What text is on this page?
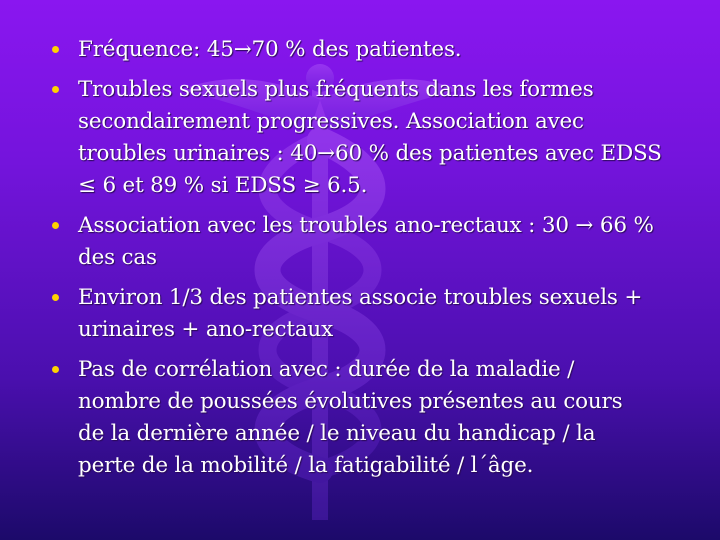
Fréquence: 45→70 % des patientes.
Troubles sexuels plus fréquents dans les formes
secondairement progressives. Association avec
troubles urinaires : 40→60 % des patientes avec EDSS
≤ 6 et 89 % si EDSS ≥ 6.5.
Association avec les troubles ano-rectaux : 30 → 66 %
des cas
Environ 1/3 des patientes associe troubles sexuels +
urinaires + ano-rectaux
Pas de corrélation avec : durée de la maladie /
nombre de poussées évolutives présentes au cours
de la dernière année / le niveau du handicap / la
perte de la mobilité / la fatigabilité / l´âge.
